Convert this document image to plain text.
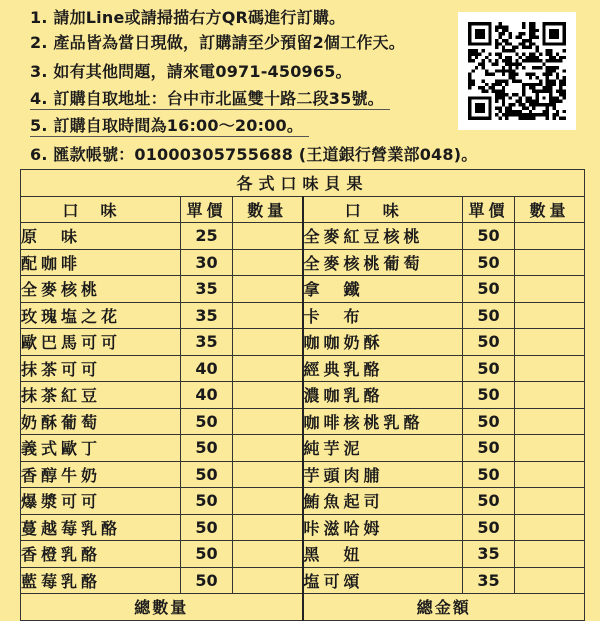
1. 請加Line或請掃描右方QR碼進行訂購。
2. 產品皆為當日現做，訂購請至少預留2個工作天。
3. 如有其他問題，請來電0971-450965。
4. 訂購自取地址：台中市北區雙十路二段35號。
5. 訂購自取時間為16:00～20:00。
6. 匯款帳號：01000305755688 (王道銀行營業部048)。
各式口味貝果					
口味	單價	數量	口味	單價	數量
原　味	25		全麥紅豆核桃	50	
配咖啡	30		全麥核桃葡萄	50	
全麥核桃	35		拿　鐵	50	
玫瑰塩之花	35		卡　布	50	
歐巴馬可可	35		咖咖奶酥	50	
抹茶可可	40		經典乳酪	50	
抹茶紅豆	40		濃咖乳酪	50	
奶酥葡萄	50		咖啡核桃乳酪	50	
義式歐丁	50		純芋泥	50	
香醇牛奶	50		芋頭肉脯	50	
爆漿可可	50		鮪魚起司	50	
蔓越莓乳酪	50		咔滋哈姆	50	
香橙乳酪	50		黑　妞	35	
藍莓乳酪	50		塩可頌	35	
總數量			總金額		
